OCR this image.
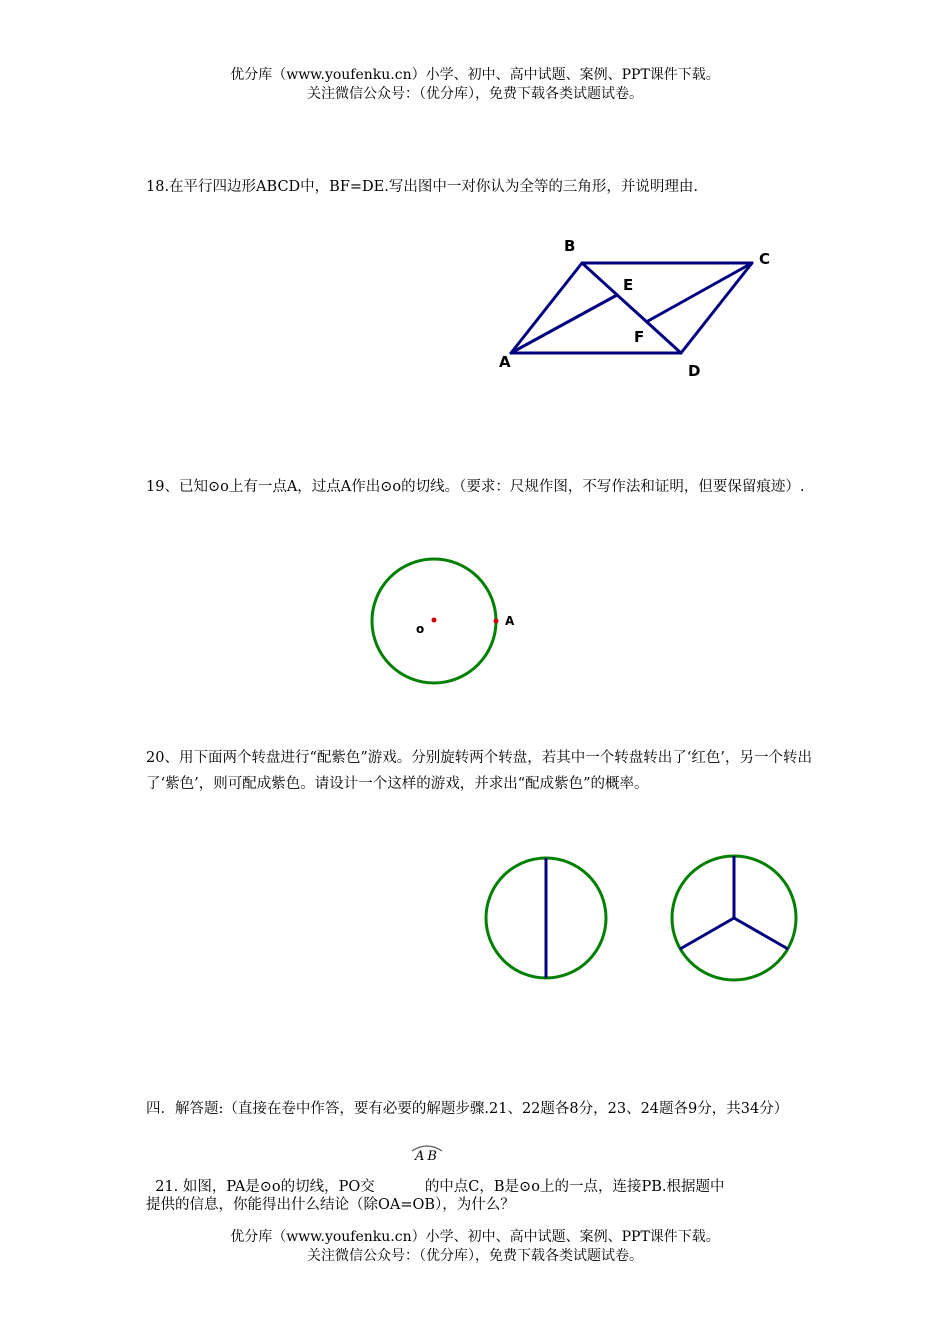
优分库（www.youfenku.cn）小学、初中、高中试题、案例、PPT课件下载。
关注微信公众号：（优分库），免费下载各类试题试卷。
18.在平行四边形ABCD中，BF=DE.写出图中一对你认为全等的三角形，并说明理由.
B
C
E
F
A	D
o
A
19、已知⊙o上有一点A，过点A作出⊙o的切线。（要求：尺规作图，不写作法和证明，但要保留痕迹）.
20、用下面两个转盘进行“配紫色”游戏。分别旋转两个转盘，若其中一个转盘转出了‘红色’，另一个转出了‘紫色’，则可配成紫色。请设计一个这样的游戏，并求出“配成紫色”的概率。
四．解答题:（直接在卷中作答，要有必要的解题步骤.21、22题各8分，23、24题各9分，共34分）

21. 如图，PA是⊙o的切线，PO交	的中点C，B是⊙o上的一点，连接PB.根据题中

AB
提供的信息，你能得出什么结论（除OA=OB），为什么？
优分库（www.youfenku.cn）小学、初中、高中试题、案例、PPT课件下载。
关注微信公众号：（优分库），免费下载各类试题试卷。
